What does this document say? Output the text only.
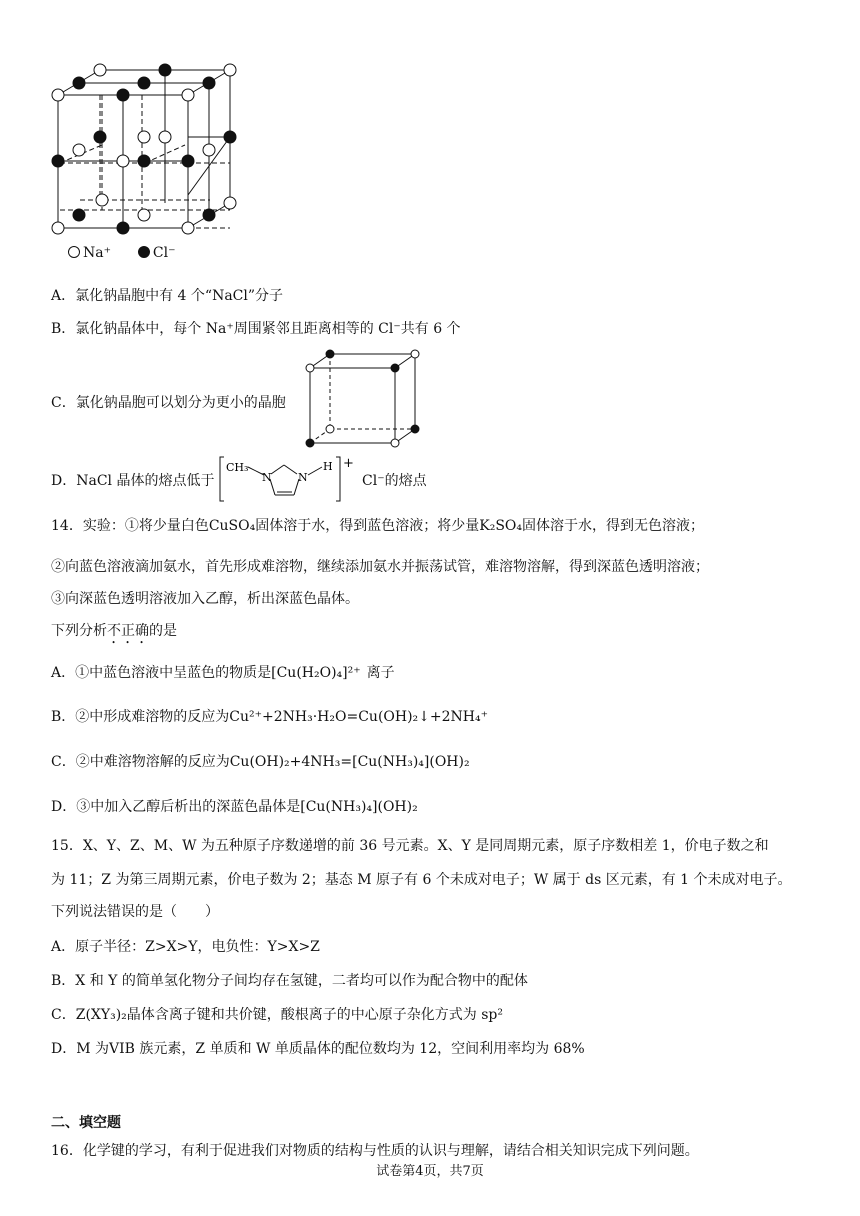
Na⁺	Cl⁻
A．氯化钠晶胞中有 4 个“NaCl”分子
B．氯化钠晶体中，每个 Na⁺周围紧邻且距离相等的 Cl⁻共有 6 个
C．氯化钠晶胞可以划分为更小的晶胞
D．NaCl 晶体的熔点低于
CH₃
N N
H +
Cl⁻的熔点
14．实验：①将少量白色CuSO₄固体溶于水，得到蓝色溶液；将少量K₂SO₄固体溶于水，得到无色溶液；
②向蓝色溶液滴加氨水，首先形成难溶物，继续添加氨水并振荡试管，难溶物溶解，得到深蓝色透明溶液；
③向深蓝色透明溶液加入乙醇，析出深蓝色晶体。
下列分析不正确的是
A．①中蓝色溶液中呈蓝色的物质是[Cu(H₂O)₄]²⁺ 离子
B．②中形成难溶物的反应为Cu²⁺+2NH₃·H₂O=Cu(OH)₂↓+2NH₄⁺
C．②中难溶物溶解的反应为Cu(OH)₂+4NH₃=[Cu(NH₃)₄](OH)₂
D．③中加入乙醇后析出的深蓝色晶体是[Cu(NH₃)₄](OH)₂
15．X、Y、Z、M、W 为五种原子序数递增的前 36 号元素。X、Y 是同周期元素，原子序数相差 1，价电子数之和
为 11；Z 为第三周期元素，价电子数为 2；基态 M 原子有 6 个未成对电子；W 属于 ds 区元素，有 1 个未成对电子。
下列说法错误的是（　　）
A．原子半径：Z>X>Y，电负性：Y>X>Z
B．X 和 Y 的简单氢化物分子间均存在氢键，二者均可以作为配合物中的配体
C．Z(XY₃)₂晶体含离子键和共价键，酸根离子的中心原子杂化方式为 sp²
D．M 为VIB 族元素，Z 单质和 W 单质晶体的配位数均为 12，空间利用率均为 68%
二、填空题
16．化学键的学习，有利于促进我们对物质的结构与性质的认识与理解，请结合相关知识完成下列问题。
试卷第4页，共7页
